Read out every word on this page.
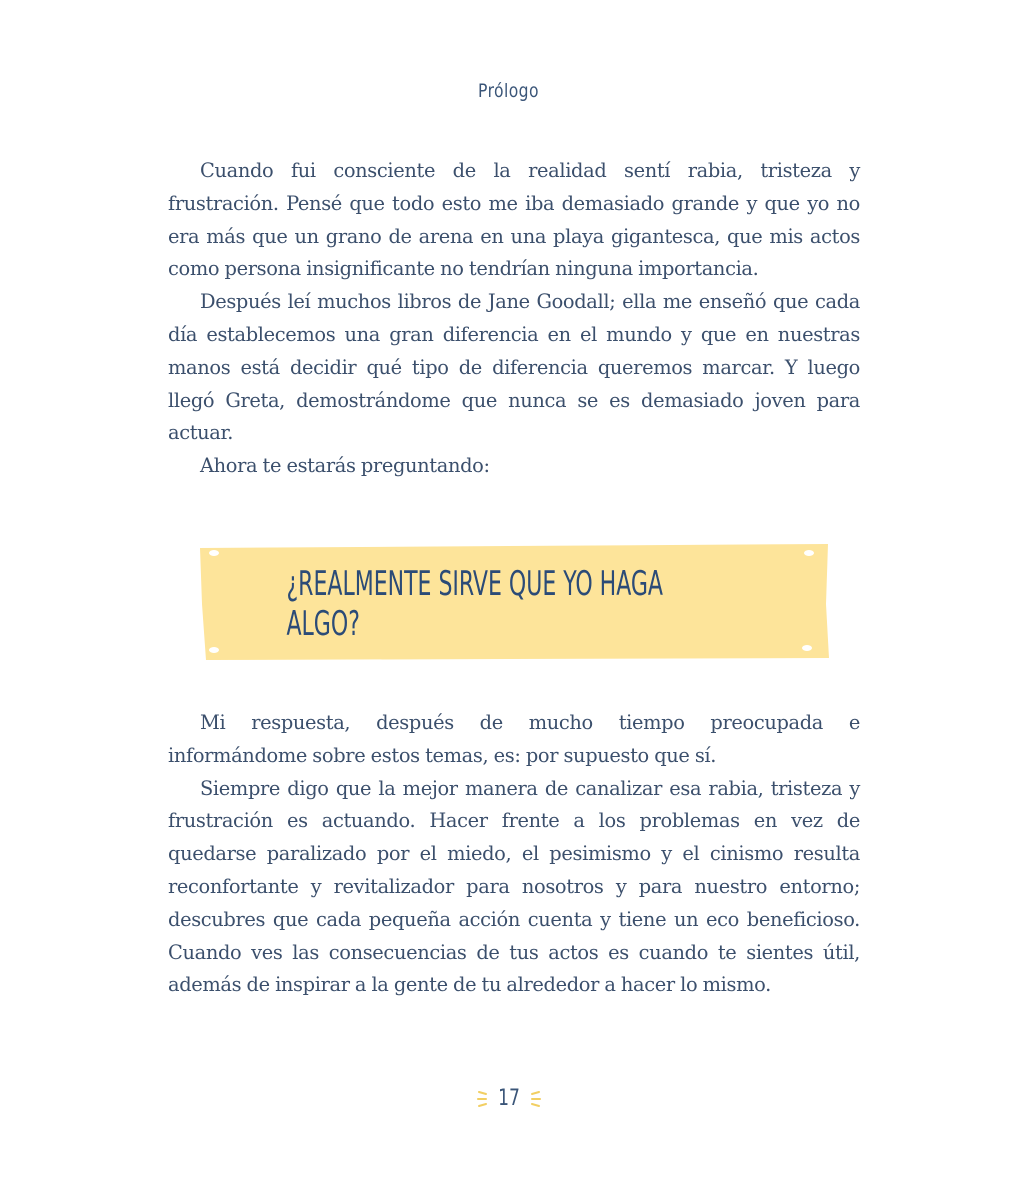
Prólogo

Cuando fui consciente de la realidad sentí rabia, tristeza y frustración. Pensé que todo esto me iba demasiado grande y que yo no era más que un grano de arena en una playa gigantesca, que mis actos como persona insignificante no tendrían ninguna importancia.

Después leí muchos libros de Jane Goodall; ella me enseñó que cada día establecemos una gran diferencia en el mundo y que en nuestras manos está decidir qué tipo de diferencia queremos marcar. Y luego llegó Greta, demostrándome que nunca se es demasiado joven para actuar.

Ahora te estarás preguntando:

¿REALMENTE SIRVE QUE YO HAGA ALGO?

Mi respuesta, después de mucho tiempo preocupada e informándome sobre estos temas, es: por supuesto que sí.

Siempre digo que la mejor manera de canalizar esa rabia, tristeza y frustración es actuando. Hacer frente a los problemas en vez de quedarse paralizado por el miedo, el pesimismo y el cinismo resulta reconfortante y revitalizador para nosotros y para nuestro entorno; descubres que cada pequeña acción cuenta y tiene un eco beneficioso. Cuando ves las consecuencias de tus actos es cuando te sientes útil, además de inspirar a la gente de tu alrededor a hacer lo mismo.

17
